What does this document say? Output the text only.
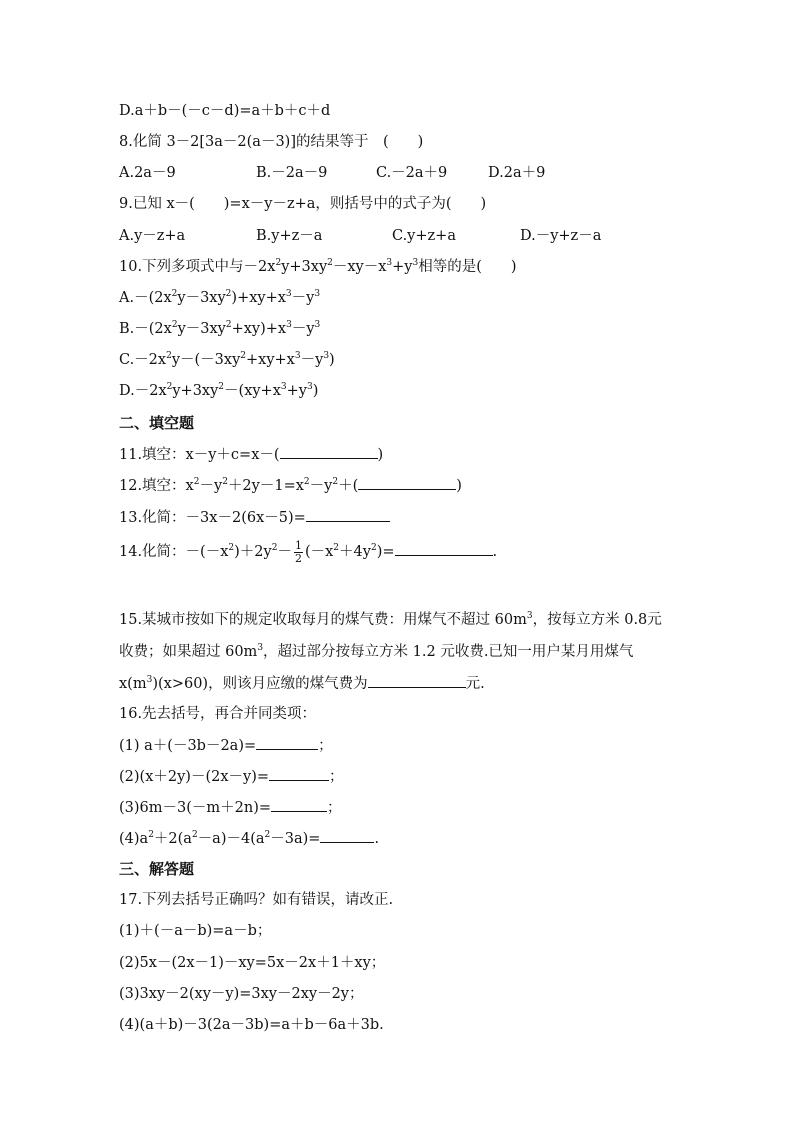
D.a＋b－(－c－d)=a＋b＋c＋d
8.化简 3－2[3a－2(a－3)]的结果等于　(　　)
A.2a－9	B.－2a－9	C.－2a＋9	D.2a＋9
9.已知 x－(　　)=x－y－z+a，则括号中的式子为(　　)
A.y－z+a	B.y+z－a	C.y+z+a	D.－y+z－a
10.下列多项式中与$-2x^2y+3xy^2-xy-x^3+y^3$相等的是(　　)
$A.-(2x^2y-3xy^2)+xy+x^3-y^3$
$B.-(2x^2y-3xy^2+xy)+x^3-y^3$
$C.-2x^2y-(-3xy^2+xy+x^3-y^3)$
$D.-2x^2y+3xy^2-(xy+x^3+y^3)$
二、填空题
11.填空：x－y＋c=x－(	)
12.填空：$x^2-y^2+2y-1=x^2-y^2+$(	)
13.化简：－3x－2(6x－5)=
14.化简：$-(-x^2)+2y^2- \frac{1}{2} (-x^2+4y^2)=$	.
15.某城市按如下的规定收取每月的煤气费：用煤气不超过 $60m^3$，按每立方米 0.8元
收费；如果超过 $60m^3$，超过部分按每立方米 1.2 元收费.已知一用户某月用煤气
$x(m^3)(x>60)$，则该月应缴的煤气费为	元.
16.先去括号，再合并同类项：
(1) a＋(－3b－2a)=	；
(2)(x＋2y)－(2x－y)=	；
(3)6m－3(－m＋2n)=	；
$(4)a^2+2(a^2-a)-4(a^2-3a)=$	.
三、解答题
17.下列去括号正确吗？如有错误，请改正.
(1)＋(－a－b)=a－b；
(2)5x－(2x－1)－xy=5x－2x＋1＋xy；
(3)3xy－2(xy－y)=3xy－2xy－2y；
(4)(a＋b)－3(2a－3b)=a＋b－6a＋3b.
